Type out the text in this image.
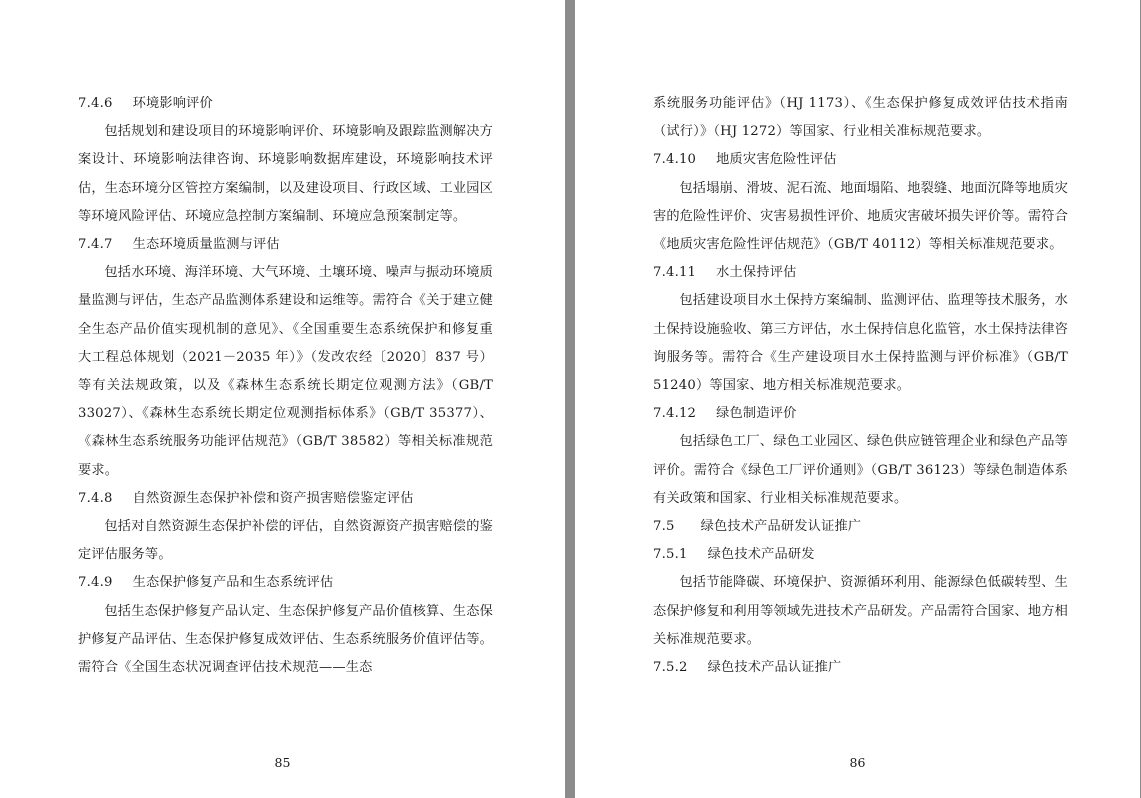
7.4.6 环境影响评价

包括规划和建设项目的环境影响评价、环境影响及跟踪监测解决方案设计、环境影响法律咨询、环境影响数据库建设，环境影响技术评估，生态环境分区管控方案编制，以及建设项目、行政区域、工业园区等环境风险评估、环境应急控制方案编制、环境应急预案制定等。

7.4.7 生态环境质量监测与评估

包括水环境、海洋环境、大气环境、土壤环境、噪声与振动环境质量监测与评估，生态产品监测体系建设和运维等。需符合《关于建立健全生态产品价值实现机制的意见》、《全国重要生态系统保护和修复重大工程总体规划（2021－2035 年）》（发改农经〔2020〕837 号）等有关法规政策，以及《森林生态系统长期定位观测方法》（GB/T 33027）、《森林生态系统长期定位观测指标体系》（GB/T 35377）、《森林生态系统服务功能评估规范》（GB/T 38582）等相关标准规范要求。

7.4.8 自然资源生态保护补偿和资产损害赔偿鉴定评估

包括对自然资源生态保护补偿的评估，自然资源资产损害赔偿的鉴定评估服务等。

7.4.9 生态保护修复产品和生态系统评估

包括生态保护修复产品认定、生态保护修复产品价值核算、生态保护修复产品评估、生态保护修复成效评估、生态系统服务价值评估等。需符合《全国生态状况调查评估技术规范——生态

85

系统服务功能评估》（HJ 1173）、《生态保护修复成效评估技术指南（试行）》（HJ 1272）等国家、行业相关准标规范要求。

7.4.10 地质灾害危险性评估

包括塌崩、滑坡、泥石流、地面塌陷、地裂缝、地面沉降等地质灾害的危险性评价、灾害易损性评价、地质灾害破坏损失评价等。需符合《地质灾害危险性评估规范》（GB/T 40112）等相关标准规范要求。

7.4.11 水土保持评估

包括建设项目水土保持方案编制、监测评估、监理等技术服务，水土保持设施验收、第三方评估，水土保持信息化监管，水土保持法律咨询服务等。需符合《生产建设项目水土保持监测与评价标准》（GB/T 51240）等国家、地方相关标准规范要求。

7.4.12 绿色制造评价

包括绿色工厂、绿色工业园区、绿色供应链管理企业和绿色产品等评价。需符合《绿色工厂评价通则》（GB/T 36123）等绿色制造体系有关政策和国家、行业相关标准规范要求。

7.5 绿色技术产品研发认证推广

7.5.1 绿色技术产品研发

包括节能降碳、环境保护、资源循环利用、能源绿色低碳转型、生态保护修复和利用等领域先进技术产品研发。产品需符合国家、地方相关标准规范要求。

7.5.2 绿色技术产品认证推广

86
